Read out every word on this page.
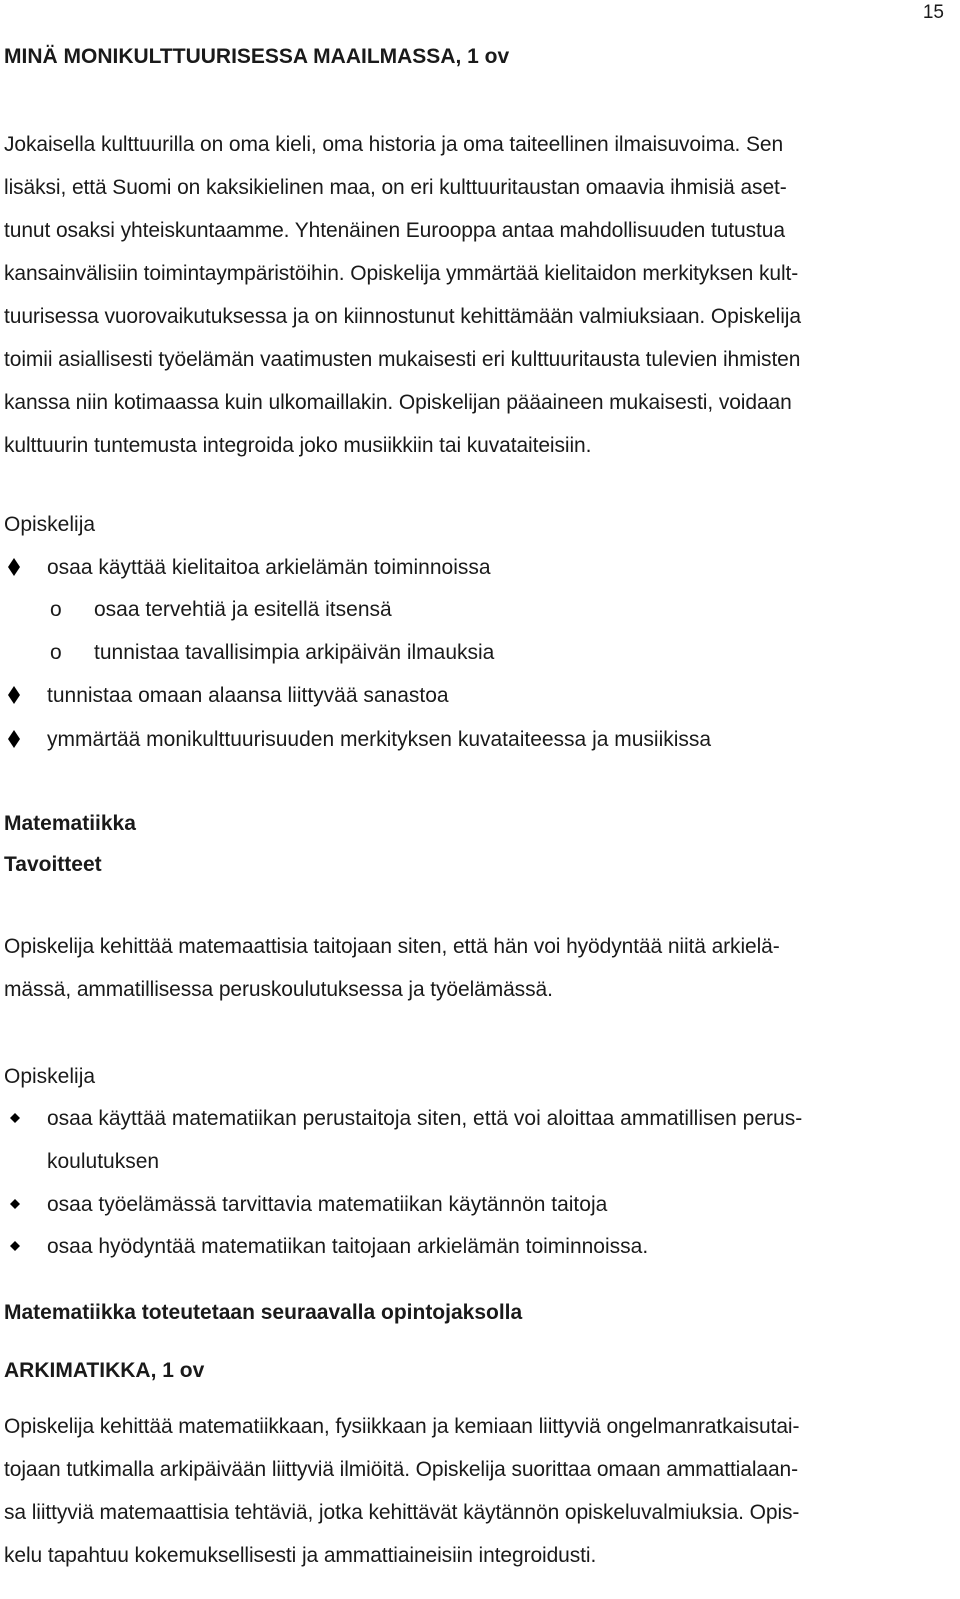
15
MINÄ MONIKULTTUURISESSA MAAILMASSA, 1 ov
Jokaisella kulttuurilla on oma kieli, oma historia ja oma taiteellinen ilmaisuvoima. Sen
lisäksi, että Suomi on kaksikielinen maa, on eri kulttuuritaustan omaavia ihmisiä aset-
tunut osaksi yhteiskuntaamme. Yhtenäinen Eurooppa antaa mahdollisuuden tutustua
kansainvälisiin toimintaympäristöihin. Opiskelija ymmärtää kielitaidon merkityksen kult-
tuurisessa vuorovaikutuksessa ja on kiinnostunut kehittämään valmiuksiaan. Opiskelija
toimii asiallisesti työelämän vaatimusten mukaisesti eri kulttuuritausta tulevien ihmisten
kanssa niin kotimaassa kuin ulkomaillakin. Opiskelijan pääaineen mukaisesti, voidaan
kulttuurin tuntemusta integroida joko musiikkiin tai kuvataiteisiin.
Opiskelija
osaa käyttää kielitaitoa arkielämän toiminnoissa
o osaa tervehtiä ja esitellä itsensä
o tunnistaa tavallisimpia arkipäivän ilmauksia
tunnistaa omaan alaansa liittyvää sanastoa
ymmärtää monikulttuurisuuden merkityksen kuvataiteessa ja musiikissa
Matematiikka
Tavoitteet
Opiskelija kehittää matemaattisia taitojaan siten, että hän voi hyödyntää niitä arkielä-
mässä, ammatillisessa peruskoulutuksessa ja työelämässä.
Opiskelija
osaa käyttää matematiikan perustaitoja siten, että voi aloittaa ammatillisen perus-
koulutuksen
osaa työelämässä tarvittavia matematiikan käytännön taitoja
osaa hyödyntää matematiikan taitojaan arkielämän toiminnoissa.
Matematiikka toteutetaan seuraavalla opintojaksolla
ARKIMATIKKA, 1 ov
Opiskelija kehittää matematiikkaan, fysiikkaan ja kemiaan liittyviä ongelmanratkaisutai-
tojaan tutkimalla arkipäivään liittyviä ilmiöitä. Opiskelija suorittaa omaan ammattialaan-
sa liittyviä matemaattisia tehtäviä, jotka kehittävät käytännön opiskeluvalmiuksia. Opis-
kelu tapahtuu kokemuksellisesti ja ammattiaineisiin integroidusti.
